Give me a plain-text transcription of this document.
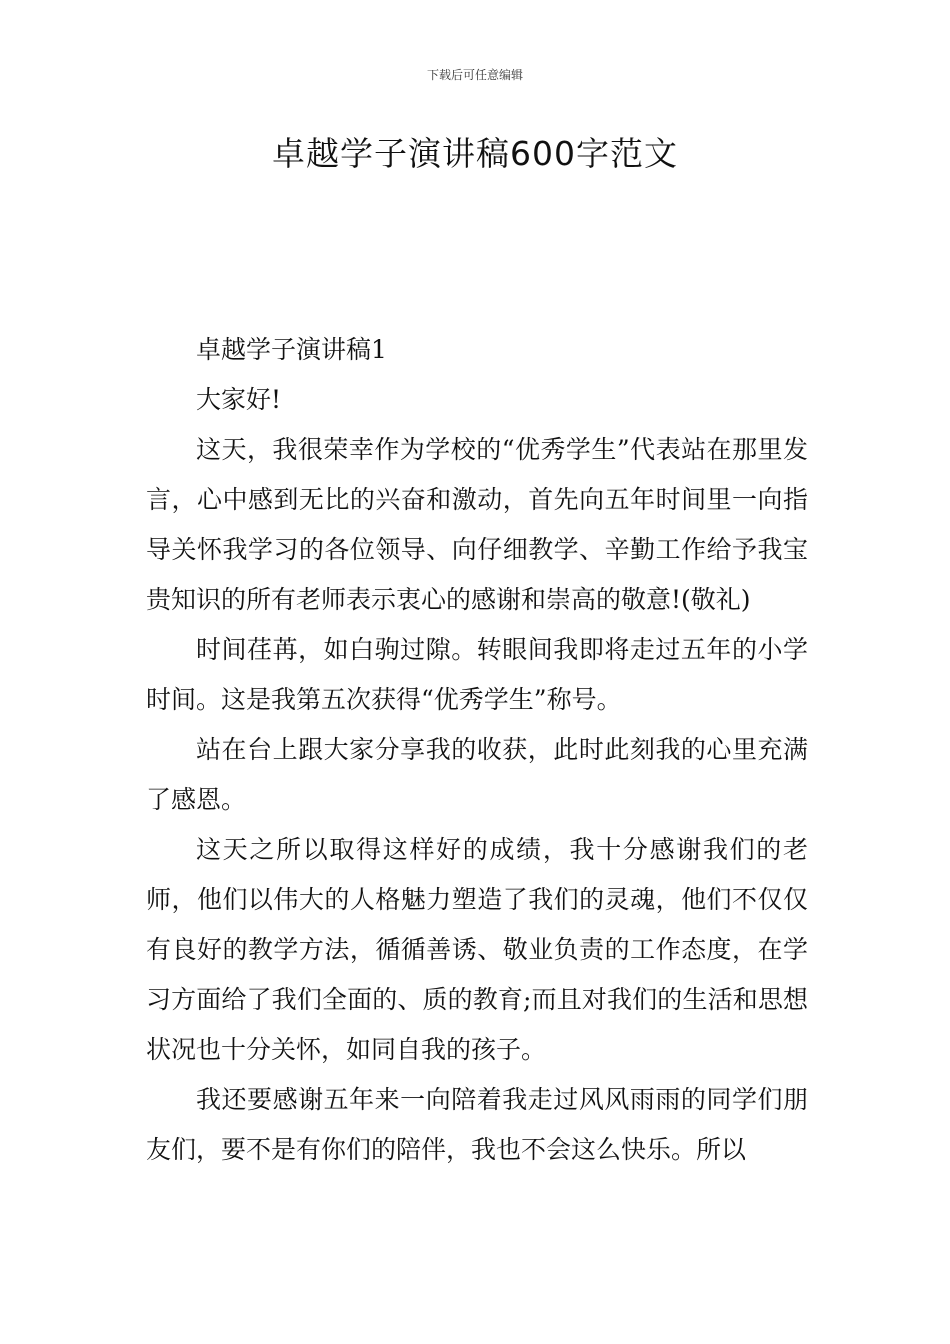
下载后可任意编辑
卓越学子演讲稿600字范文

卓越学子演讲稿1

大家好!

这天，我很荣幸作为学校的“优秀学生”代表站在那里发言，心中感到无比的兴奋和激动，首先向五年时间里一向指导关怀我学习的各位领导、向仔细教学、辛勤工作给予我宝贵知识的所有老师表示衷心的感谢和崇高的敬意!(敬礼)

时间荏苒，如白驹过隙。转眼间我即将走过五年的小学时间。这是我第五次获得“优秀学生”称号。

站在台上跟大家分享我的收获，此时此刻我的心里充满了感恩。

这天之所以取得这样好的成绩，我十分感谢我们的老师，他们以伟大的人格魅力塑造了我们的灵魂，他们不仅仅有良好的教学方法，循循善诱、敬业负责的工作态度，在学习方面给了我们全面的、质的教育;而且对我们的生活和思想状况也十分关怀，如同自我的孩子。

我还要感谢五年来一向陪着我走过风风雨雨的同学们朋友们，要不是有你们的陪伴，我也不会这么快乐。所以
